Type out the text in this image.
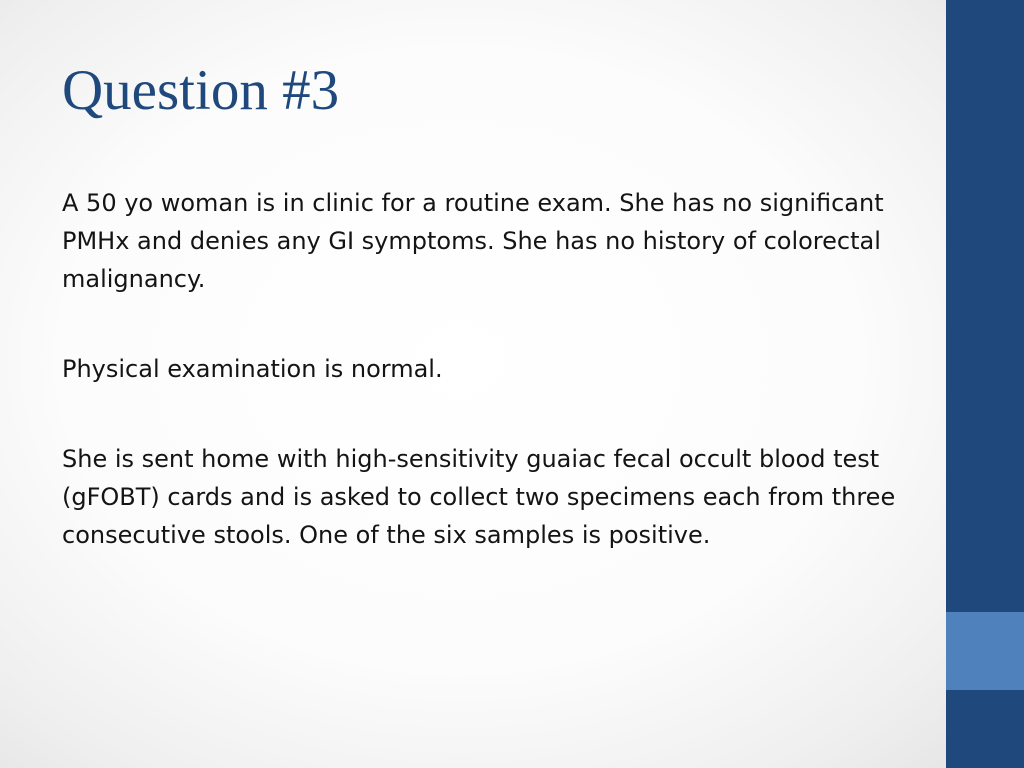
Question #3

A 50 yo woman is in clinic for a routine exam. She has no significant PMHx and denies any GI symptoms. She has no history of colorectal malignancy.

Physical examination is normal.

She is sent home with high-sensitivity guaiac fecal occult blood test (gFOBT) cards and is asked to collect two specimens each from three consecutive stools. One of the six samples is positive.
